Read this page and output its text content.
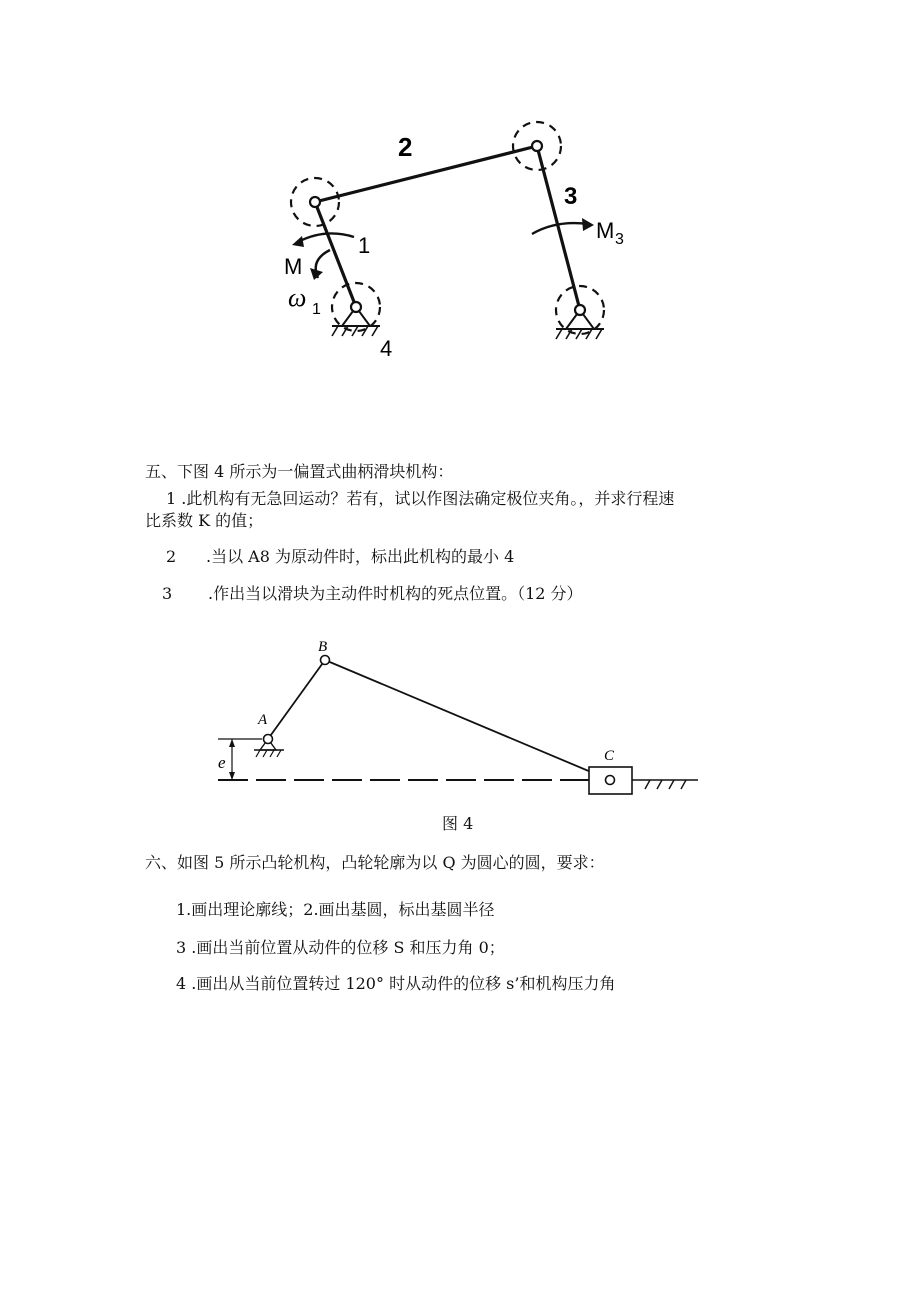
2
3
1
4
M
ω 1
M 3
五、下图 4 所示为一偏置式曲柄滑块机构：
1 .此机构有无急回运动？若有，试以作图法确定极位夹角。，并求行程速
比系数 K 的值；
2 .当以 A8 为原动件时，标出此机构的最小 4
3 .作出当以滑块为主动件时机构的死点位置。（12 分）
A
B
C
e
图 4
六、如图 5 所示凸轮机构，凸轮轮廓为以 Q 为圆心的圆，要求：
1.画出理论廓线；2.画出基圆，标出基圆半径
3 .画出当前位置从动件的位移 S 和压力角 0；
4 .画出从当前位置转过 120° 时从动件的位移 s’和机构压力角
